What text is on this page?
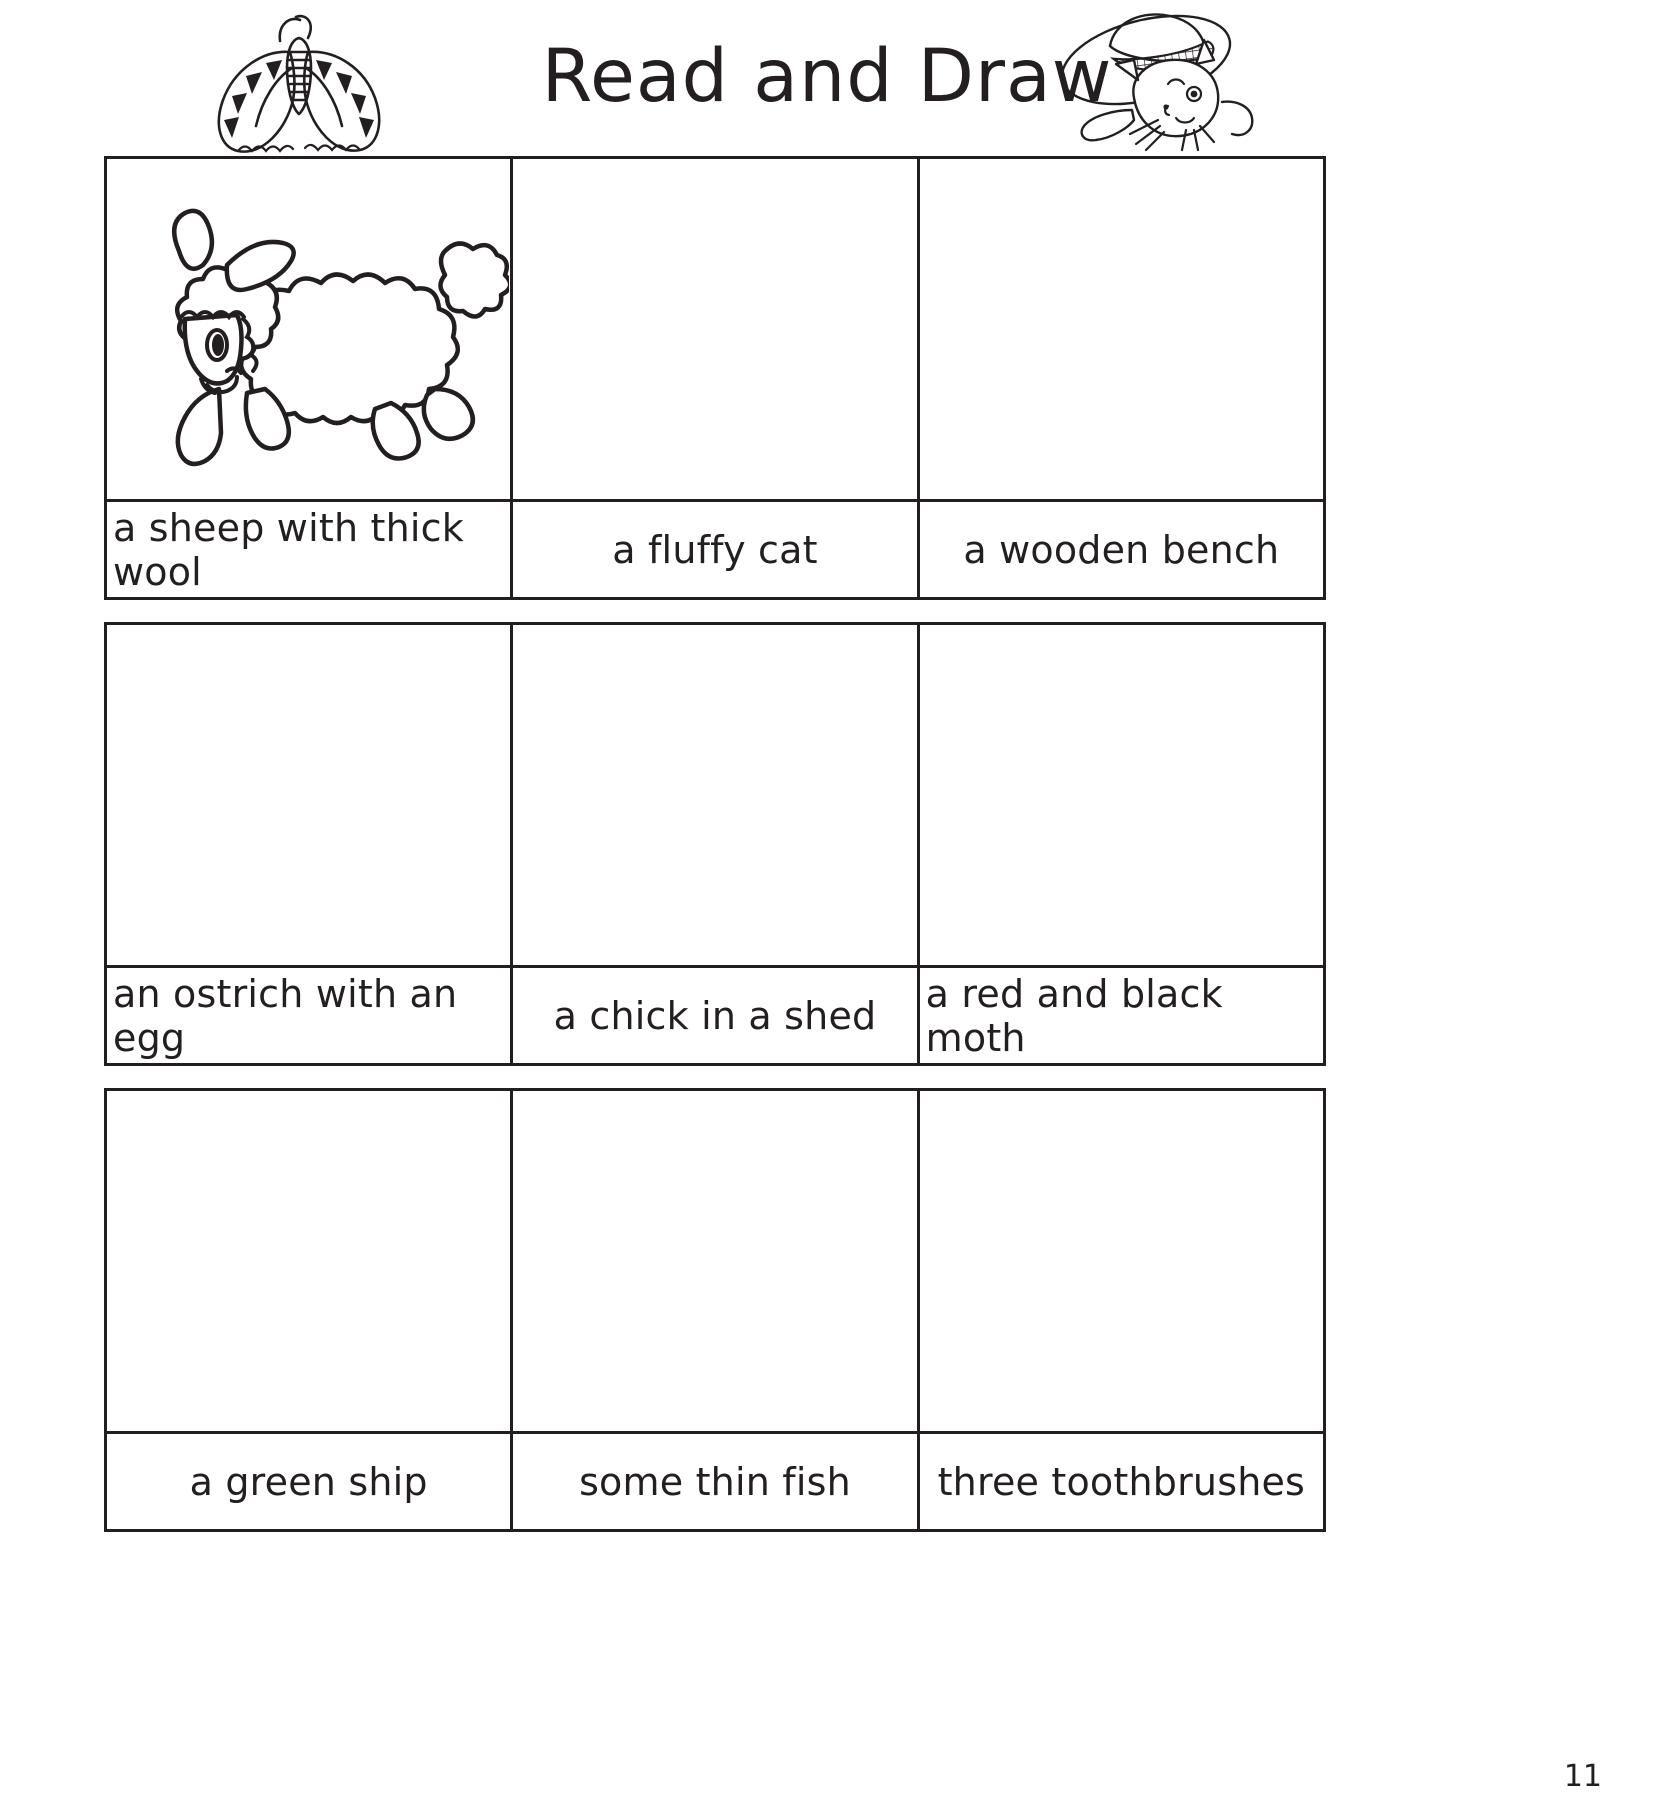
Read and Draw
a sheep with thick wool	a fluffy cat	a wooden bench
an ostrich with an egg	a chick in a shed	a red and black moth
a green ship	some thin fish	three toothbrushes
11
